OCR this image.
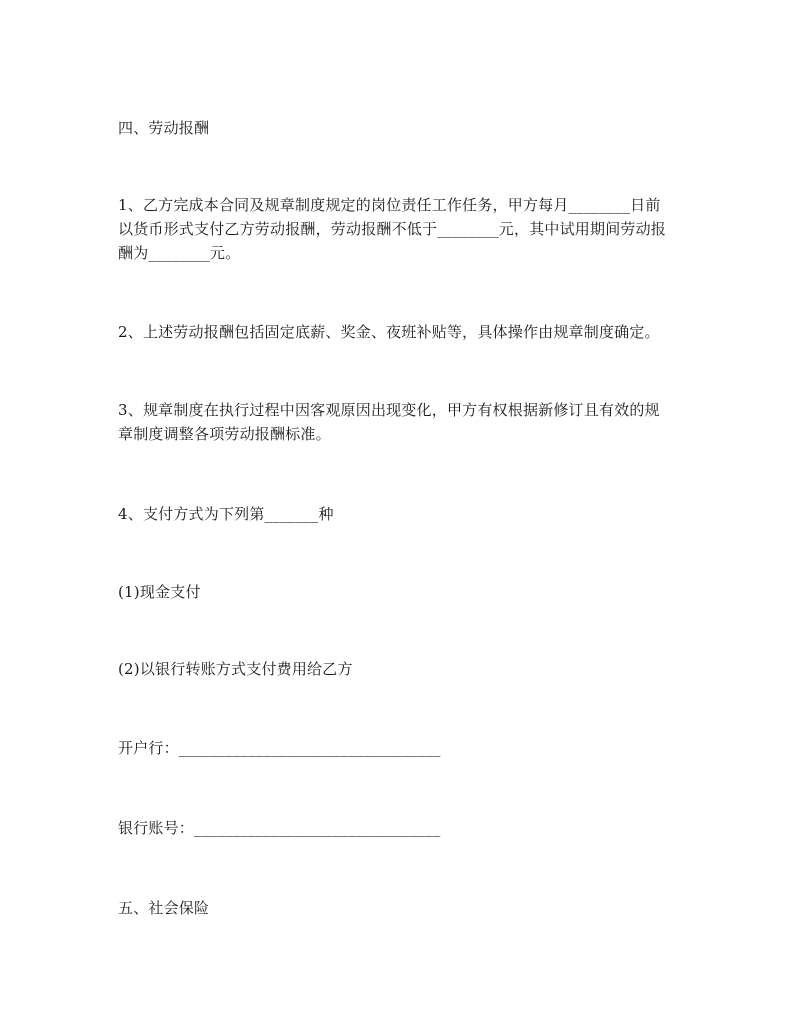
四、劳动报酬
1、乙方完成本合同及规章制度规定的岗位责任工作任务，甲方每月________日前
以货币形式支付乙方劳动报酬，劳动报酬不低于________元，其中试用期间劳动报
酬为________元。
2、上述劳动报酬包括固定底薪、奖金、夜班补贴等，具体操作由规章制度确定。
3、规章制度在执行过程中因客观原因出现变化，甲方有权根据新修订且有效的规
章制度调整各项劳动报酬标准。
4、支付方式为下列第_______种
(1)现金支付
(2)以银行转账方式支付费用给乙方
开户行：__________________________________
银行账号：________________________________
五、社会保险
